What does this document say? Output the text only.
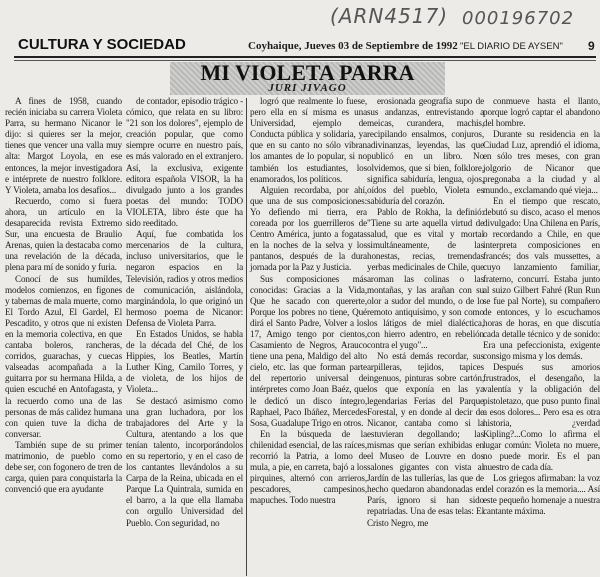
(ARN4517) 000196702
CULTURA Y SOCIEDAD	Coyhaique, Jueves 03 de Septiembre de 1992 "EL DIARIO DE AYSEN" 9
MI VIOLETA PARRA
JURI JIVAGO

A fines de 1958, cuando recién iniciaba su carrera Violeta Parra, su hermano Nicanor le dijo: si quieres ser la mejor, tienes que vencer una valla muy alta: Margot Loyola, en ese entonces, la mejor investigadora e intérprete de nuestro folklore. Y Violeta, amaba los desafíos...

Recuerdo, como si fuera ahora, un artículo en la desaparecida revista Extremo Sur, una encuesta de Braulio Arenas, quien la destacaba como una revelación de la década, plena para mí de sonido y furia.

Conocí de sus humildes, modelos comienzos, en figones y tabernas de mala muerte, como El Tordo Azul, El Gardel, El Pescadito, y otros que ni existen en la memoria colectiva, en que cantaba boleros, rancheras, corridos, guarachas, y cuecas valseadas acompañada a la guitarra por su hermana Hilda, a quien escuché en Antofagasta, y la recuerdo como una de las personas de más calidez humana con quien tuve la dicha de conversar.

También supe de su primer matrimonio, de pueblo como debe ser, con fogonero de tren de carga, quien para conquistarla la convenció que era ayudante

de contador, episodio trágico - cómico, que relata en su libro: "21 son los dolores", ejemplo de creación popular, que como siempre ocurre en nuestro país, es más valorado en el extranjero. Así, la exclusiva, exigente editora española VISOR, la ha divulgado junto a los grandes poetas del mundo: TODO VIOLETA, libro éste que ha sido reeditado.

Aquí, fue combatida los mercenarios de la cultura, incluso universitarios, que le negaron espacios en la Televisión, radios y otros medios de comunicación, aislándola, marginándola, lo que originó un hermoso poema de Nicanor: Defensa de Violeta Parra.

En Estados Unidos, se habla de la década del Ché, de los Hippies, los Beatles, Martín Luther King, Camilo Torres, y de violeta, de los hijos de Violeta...

Se destacó asimismo como una gran luchadora, por los trabajadores del Arte y la Cultura, atentando a los que tenían talento, incorporándolos en su repertorio, y en el caso de los cantantes llevándolos a su Carpa de la Reina, ubicada en el Parque La Quintrala, sumida en el barro, a la que ella llamaba con orgullo Universidad del Pueblo. Con seguridad, no

logró que realmente lo fuese, pero ella en sí misma es una Universidad, ejemplo de Conducta pública y solidaria, ya que en su canto no sólo vibran los amantes de lo popular, si no también los estudiantes, los enamorados, los políticos.

Alguien recordaba, por ahí, que una de sus composiciones: Yo defiendo mi tierra, era coreada por los guerrilleros de Centro América, junto a fogatas en la noches de la selva y los pantanos, después de la dura jornada por la Paz y Justicia.

Sus composiciones más conocidas: Gracias a la Vida, Que he sacado con quererte, Porque los pobres no tiene, Qué dirá el Santo Padre, Volver a los 17, Amigo tengo por cientos, Casamiento de Negros, Arauco tiene una pena, Maldigo del alto cielo, etc. las que forman parte del repertorio universal de intérpretes como Joan Baéz, que le dedicó un disco íntegro, Raphael, Paco Ibáñez, Mercedes Sosa, Guadalupe Trigo en otros.

En la búsqueda de la chilenidad esencial, de las raíces, recorrió la Patria, a lomo de mula, a pie, en carreta, bajó a los pirquines, alternó con arrieros, pescadores, campesinos, mapuches. Todo nuestra

erosionada geografía supo de sus andanzas, entrevistando a meicas, curandera, machis, recipilando ensalmos, conjuros, adivinanzas, leyendas, las que publicó en un libro. No olvidemos, que si bien, folklore, significa sabiduría, lengua, ojos, oídos del pueblo, Violeta es sabiduría del corazón.

Pablo de Rokha, la definió: "Tiene su arte aquella virtud de salud, que es vital y mortal simultáneamente, de las honestas, recias, tremendas yerbas medicinales de Chile, que aroman las colinas o las montañas, y las arañan con su olor a sudor del mundo, o de lo remoto antiquísimo, y son como los látigos de miel dialéctica, con hierro adentro, en rebelión contra el yugo"...

No está demás recordar, sus arpilleras, tejidos, tapices ingenuos, pinturas sobre cartón, los que exponía en las ya legendarias Ferias del Parque Forestal, y en donde al decir de Nicanor, cantaba como si la estuvieran degollando; las mismas que serían exhibidas en el Museo de Louvre en dos salones gigantes con vista al Jardín de las tullerías, las que de hecho quedaron abandonadas en París, ignoro si han sido repatriadas. Una de esas telas: El Cristo Negro, me

conmueve hasta el llanto, porque logró captar el abandono del hombre.

Durante su residencia en la Ciudad Luz, aprendió el idioma, en sólo tres meses, con gran jolgorio de Nicanor que pregonaba a la ciudad y al mundo., exclamando qué vieja...

En el tiempo que rescato, debutó su disco, acaso el menos divulgado: Una Chilena en París, o recordando a Chile, en que interpreta composiciones en francés; dos vals mussettes, a cuyo lanzamiento familiar, fraterno, concurrí. Estaba junto al suizo Gilbert Fahré (Run Run se fue pal Norte), su compañero de entonces, y lo escuchamos horas de horas, en que discutía cada detalle técnico y de sonido: Era una pefeccionista, exigente consigo misma y los demás.

Después sus amorios frustrados, el desengaño, la valentía y la obligación del pistoletazo, que puso punto final a esos dolores... Pero esa es otra historia, ¿verdad Kipling?...Como lo afirma el lugar común: Violeta no muere, no puede morir. Es el pan nuestro de cada día.

Los griegos afirmaban: la voz del corazón es la memoria.... Así este pequeño homenaje a nuestra cantante máxima.
